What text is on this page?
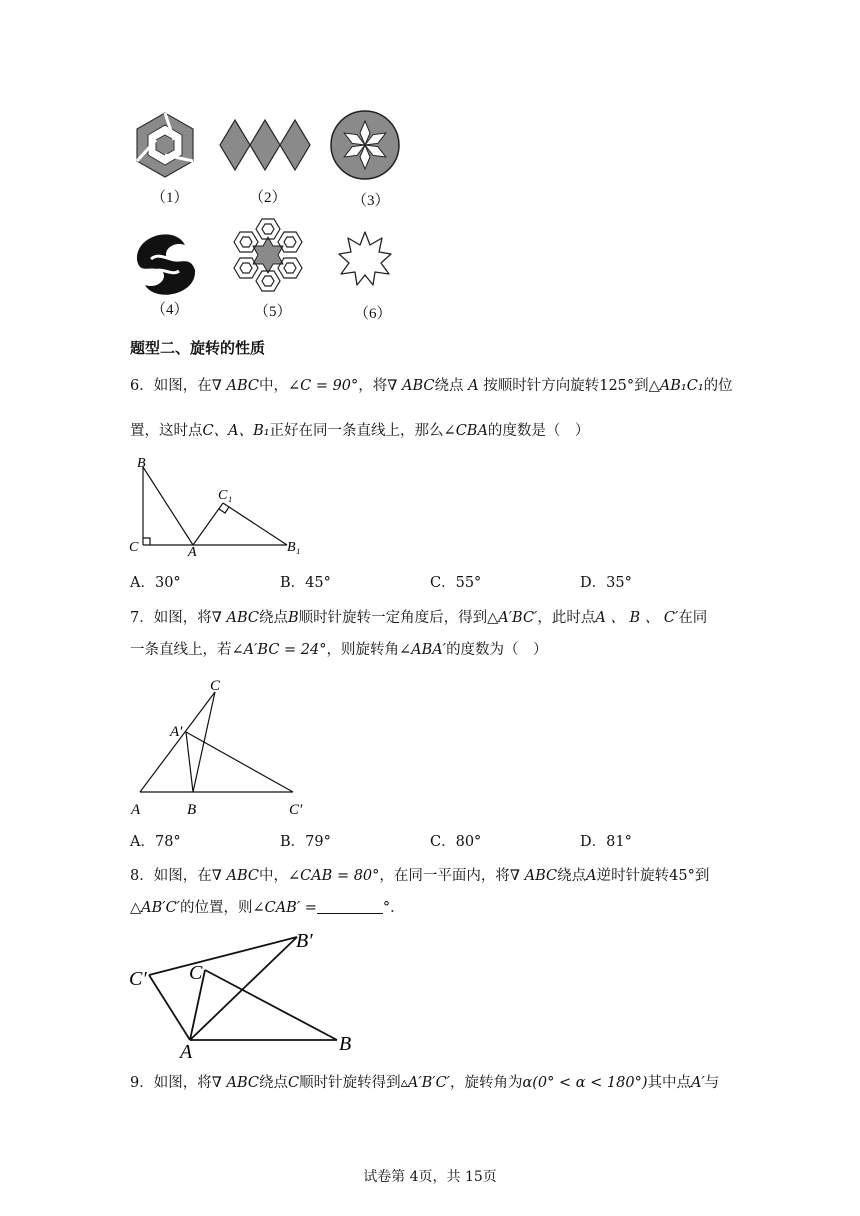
（1）	（2）	（3）
（4）	（5）	（6）
题型二、旋转的性质
6．如图，在∇ ABC中，∠C = 90°，将∇ ABC绕点 A 按顺时针方向旋转125°到△AB₁C₁的位
置，这时点C、A、B₁正好在同一条直线上，那么∠CBA的度数是（　）
B
C	A
C₁
B₁
A．30°	B．45°	C．55°	D．35°
7．如图，将∇ ABC绕点B顺时针旋转一定角度后，得到△A′BC′，此时点A 、 B 、 C′在同
一条直线上，若∠A′BC = 24°，则旋转角∠ABA′的度数为（　）
C
A′
A	B	C′
A．78°	B．79°	C．80°	D．81°
8．如图，在∇ ABC中，∠CAB = 80°，在同一平面内，将∇ ABC绕点A逆时针旋转45°到
△AB′C′的位置，则∠CAB′ =	°．
B′
C′ C
A	B
9．如图，将∇ ABC绕点C顺时针旋转得到▵A′B′C′，旋转角为α(0° < α < 180°)其中点A′与
试卷第 4页，共 15页
